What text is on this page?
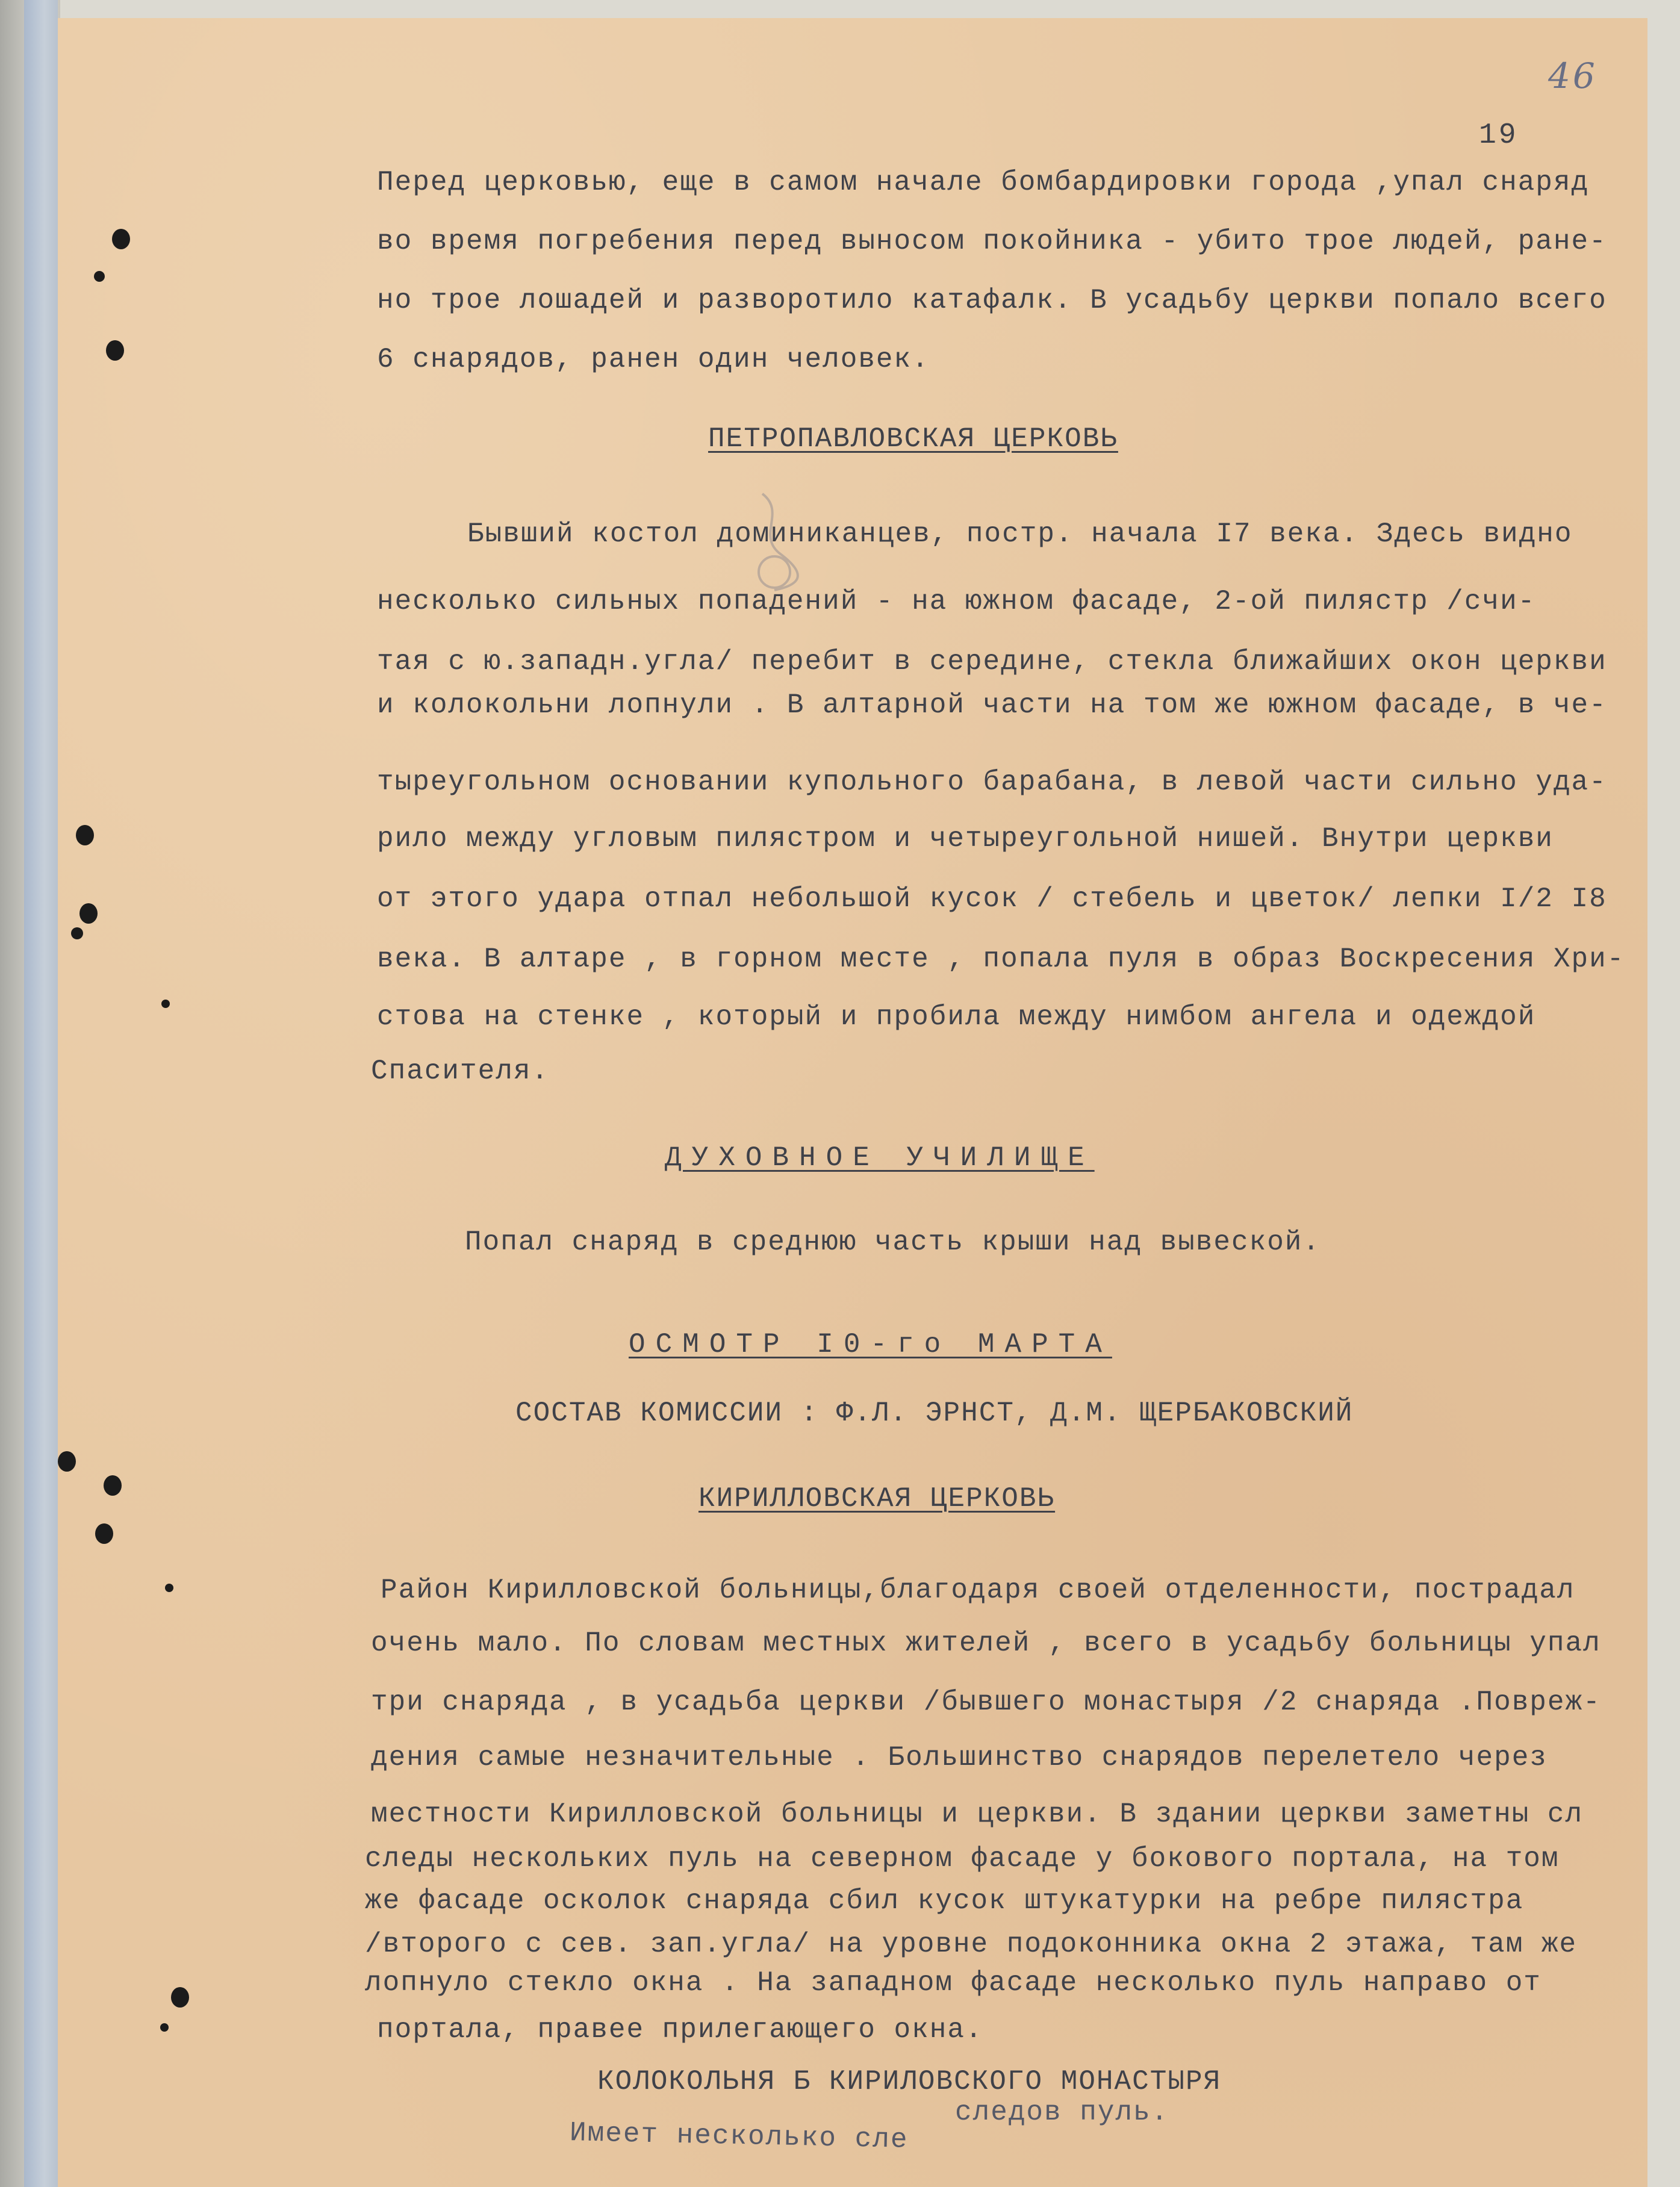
46
19
Перед церковью, еще в самом начале бомбардировки города ,упал снаряд
во время погребения перед выносом покойника - убито трое людей, ране-
но трое лошадей и разворотило катафалк. В усадьбу церкви попало всего
6 снарядов, ранен один человек.
ПЕТРОПАВЛОВСКАЯ ЦЕРКОВЬ
Бывший костол доминиканцев, постр. начала I7 века. Здесь видно
несколько сильных попадений - на южном фасаде, 2-ой пилястр /счи-
тая с ю.западн.угла/ перебит в середине, стекла ближайших окон церкви
и колокольни лопнули . В алтарной части на том же южном фасаде, в че-
тыреугольном основании купольного барабана, в левой части сильно уда-
рило между угловым пилястром и четыреугольной нишей. Внутри церкви
от этого удара отпал небольшой кусок / стебель и цветок/ лепки I/2 I8
века. В алтаре , в горном месте , попала пуля в образ Воскресения Хри-
стова на стенке , который и пробила между нимбом ангела и одеждой
Спасителя.
ДУХОВНОЕ УЧИЛИЩЕ
Попал снаряд в среднюю часть крыши над вывеской.
ОСМОТР I0-го МАРТА
СОСТАВ КОМИССИИ : Ф.Л. ЭРНСТ, Д.М. ЩЕРБАКОВСКИЙ
КИРИЛЛОВСКАЯ ЦЕРКОВЬ
Район Кирилловской больницы,благодаря своей отделенности, пострадал
очень мало. По словам местных жителей , всего в усадьбу больницы упал
три снаряда , в усадьба церкви /бывшего монастыря /2 снаряда .Повреж-
дения самые незначительные . Большинство снарядов перелетело через
местности Кирилловской больницы и церкви. В здании церкви заметны сл
следы нескольких пуль на северном фасаде у бокового портала, на том
же фасаде осколок снаряда сбил кусок штукатурки на ребре пилястра
/второго с сев. зап.угла/ на уровне подоконника окна 2 этажа, там же
лопнуло стекло окна . На западном фасаде несколько пуль направо от
портала, правее прилегающего окна.
КОЛОКОЛЬНЯ Б КИРИЛОВСКОГО МОНАСТЫРЯ
следов пуль.
Имеет несколько сле
